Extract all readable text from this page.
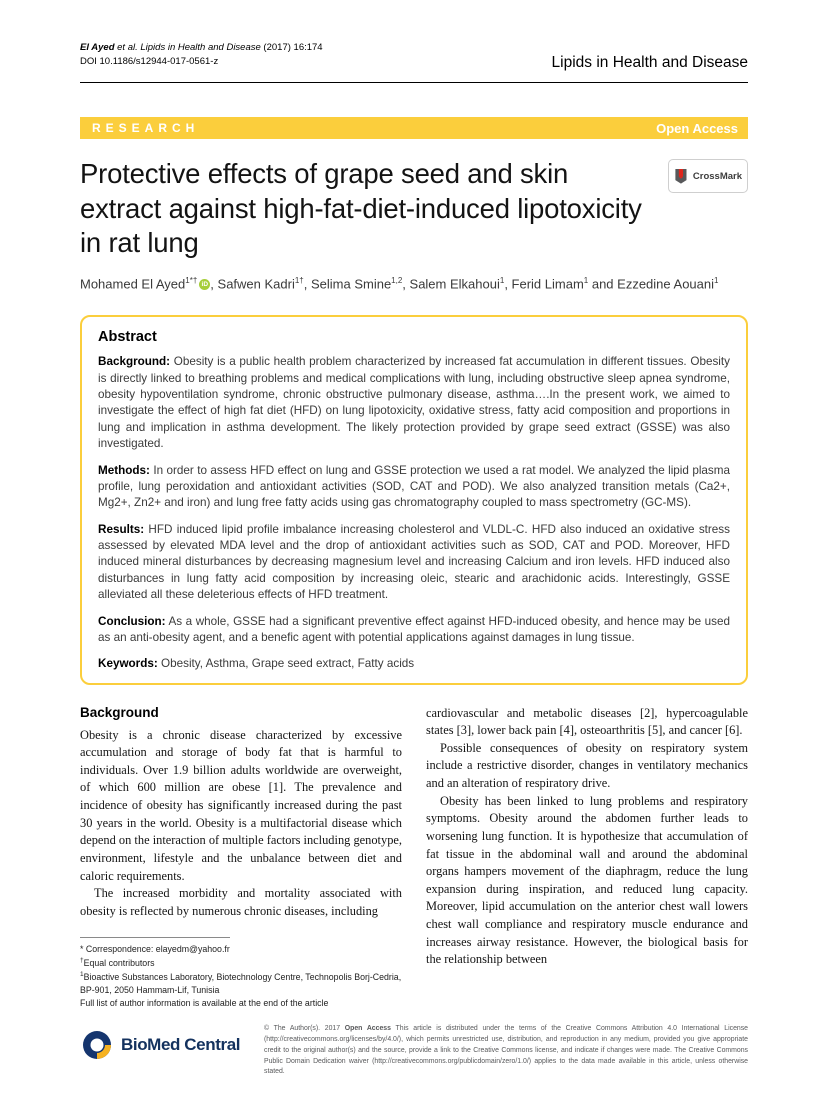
El Ayed et al. Lipids in Health and Disease (2017) 16:174
DOI 10.1186/s12944-017-0561-z	Lipids in Health and Disease
RESEARCH	Open Access
Protective effects of grape seed and skin extract against high-fat-diet-induced lipotoxicity in rat lung
CrossMark
Mohamed El Ayed$^{1*\dagger}$ iD , Safwen Kadri$^{1\dagger}$, Selima Smine$^{1,2}$, Salem Elkahoui$^1$, Ferid Limam$^1$ and Ezzedine Aouani$^1$
Abstract

Background: Obesity is a public health problem characterized by increased fat accumulation in different tissues. Obesity is directly linked to breathing problems and medical complications with lung, including obstructive sleep apnea syndrome, obesity hypoventilation syndrome, chronic obstructive pulmonary disease, asthma….In the present work, we aimed to investigate the effect of high fat diet (HFD) on lung lipotoxicity, oxidative stress, fatty acid composition and proportions in lung and implication in asthma development. The likely protection provided by grape seed extract (GSSE) was also investigated.

Methods: In order to assess HFD effect on lung and GSSE protection we used a rat model. We analyzed the lipid plasma profile, lung peroxidation and antioxidant activities (SOD, CAT and POD). We also analyzed transition metals (Ca2+, Mg2+, Zn2+ and iron) and lung free fatty acids using gas chromatography coupled to mass spectrometry (GC-MS).

Results: HFD induced lipid profile imbalance increasing cholesterol and VLDL-C. HFD also induced an oxidative stress assessed by elevated MDA level and the drop of antioxidant activities such as SOD, CAT and POD. Moreover, HFD induced mineral disturbances by decreasing magnesium level and increasing Calcium and iron levels. HFD induced also disturbances in lung fatty acid composition by increasing oleic, stearic and arachidonic acids. Interestingly, GSSE alleviated all these deleterious effects of HFD treatment.

Conclusion: As a whole, GSSE had a significant preventive effect against HFD-induced obesity, and hence may be used as an anti-obesity agent, and a benefic agent with potential applications against damages in lung tissue.

Keywords: Obesity, Asthma, Grape seed extract, Fatty acids

Background

Obesity is a chronic disease characterized by excessive accumulation and storage of body fat that is harmful to individuals. Over 1.9 billion adults worldwide are overweight, of which 600 million are obese [1]. The prevalence and incidence of obesity has significantly increased during the past 30 years in the world. Obesity is a multifactorial disease which depend on the interaction of multiple factors including genotype, environment, lifestyle and the unbalance between diet and caloric requirements.

The increased morbidity and mortality associated with obesity is reflected by numerous chronic diseases, including

* Correspondence: elayedm@yahoo.fr
†Equal contributors
$^1$Bioactive Substances Laboratory, Biotechnology Centre, Technopolis Borj-Cedria, BP-901, 2050 Hammam-Lif, Tunisia
Full list of author information is available at the end of the article

cardiovascular and metabolic diseases [2], hypercoagulable states [3], lower back pain [4], osteoarthritis [5], and cancer [6].

Possible consequences of obesity on respiratory system include a restrictive disorder, changes in ventilatory mechanics and an alteration of respiratory drive.

Obesity has been linked to lung problems and respiratory symptoms. Obesity around the abdomen further leads to worsening lung function. It is hypothesize that accumulation of fat tissue in the abdominal wall and around the abdominal organs hampers movement of the diaphragm, reduce the lung expansion during inspiration, and reduced lung capacity. Moreover, lipid accumulation on the anterior chest wall lowers chest wall compliance and respiratory muscle endurance and increases airway resistance. However, the biological basis for the relationship between

BioMed Central

© The Author(s). 2017 Open Access This article is distributed under the terms of the Creative Commons Attribution 4.0 International License (http://creativecommons.org/licenses/by/4.0/), which permits unrestricted use, distribution, and reproduction in any medium, provided you give appropriate credit to the original author(s) and the source, provide a link to the Creative Commons license, and indicate if changes were made. The Creative Commons Public Domain Dedication waiver (http://creativecommons.org/publicdomain/zero/1.0/) applies to the data made available in this article, unless otherwise stated.
